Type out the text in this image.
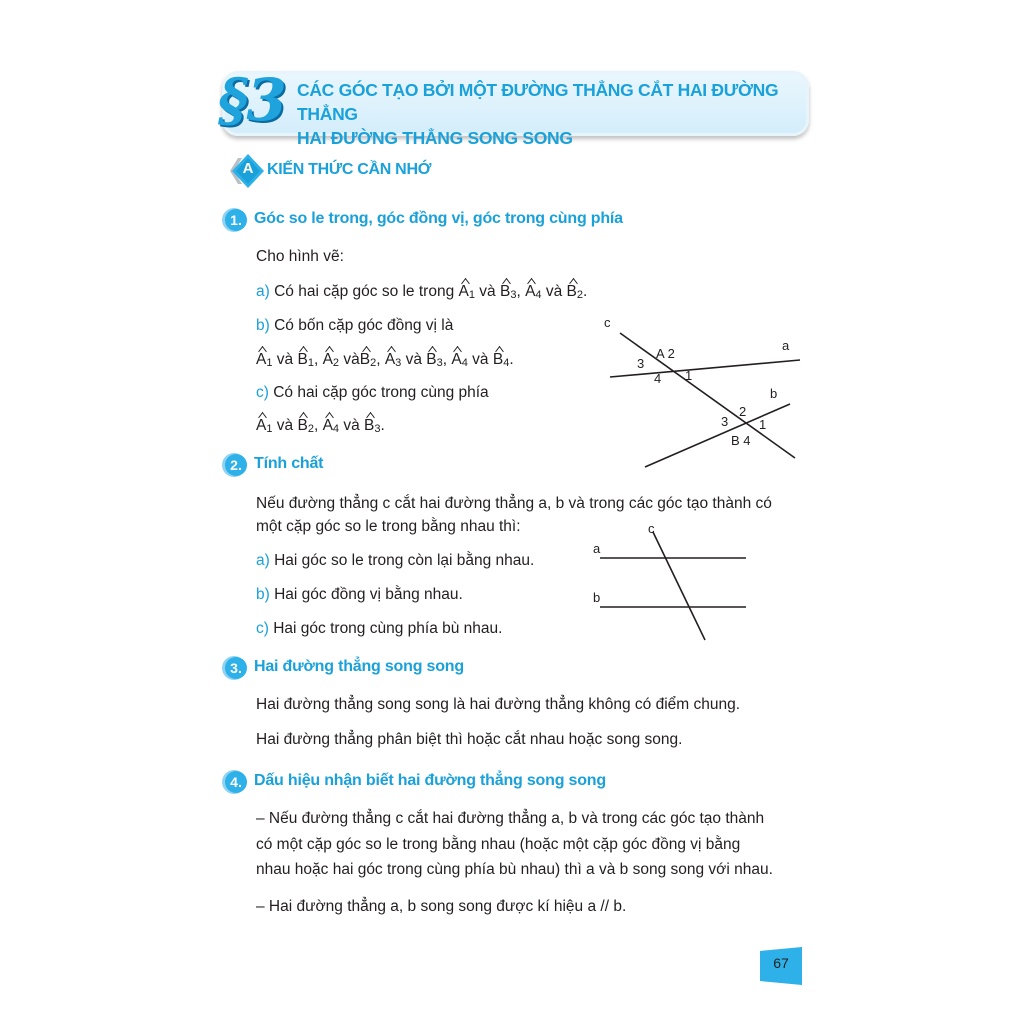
§3 CÁC GÓC TẠO BỞI MỘT ĐƯỜNG THẲNG CẮT HAI ĐƯỜNG THẲNG
HAI ĐƯỜNG THẲNG SONG SONG
A KIẾN THỨC CẦN NHỚ
1. Góc so le trong, góc đồng vị, góc trong cùng phía
Cho hình vẽ:
a) Có hai cặp góc so le trong A1 và B3, A4 và B2.
b) Có bốn cặp góc đồng vị là
A1 và B1, A2 vàB2, A3 và B3, A4 và B4.
c) Có hai cặp góc trong cùng phía
A1 và B2, A4 và B3.
c
a
b
A 2
3
4 1
2
3 1
B 4
2. Tính chất
Nếu đường thẳng c cắt hai đường thẳng a, b và trong các góc tạo thành có
một cặp góc so le trong bằng nhau thì:
a) Hai góc so le trong còn lại bằng nhau.
b) Hai góc đồng vị bằng nhau.
c) Hai góc trong cùng phía bù nhau.
c
a
b
3. Hai đường thẳng song song
Hai đường thẳng song song là hai đường thẳng không có điểm chung.
Hai đường thẳng phân biệt thì hoặc cắt nhau hoặc song song.
4. Dấu hiệu nhận biết hai đường thẳng song song
– Nếu đường thẳng c cắt hai đường thẳng a, b và trong các góc tạo thành
có một cặp góc so le trong bằng nhau (hoặc một cặp góc đồng vị bằng
nhau hoặc hai góc trong cùng phía bù nhau) thì a và b song song với nhau.
– Hai đường thẳng a, b song song được kí hiệu a // b.
67
